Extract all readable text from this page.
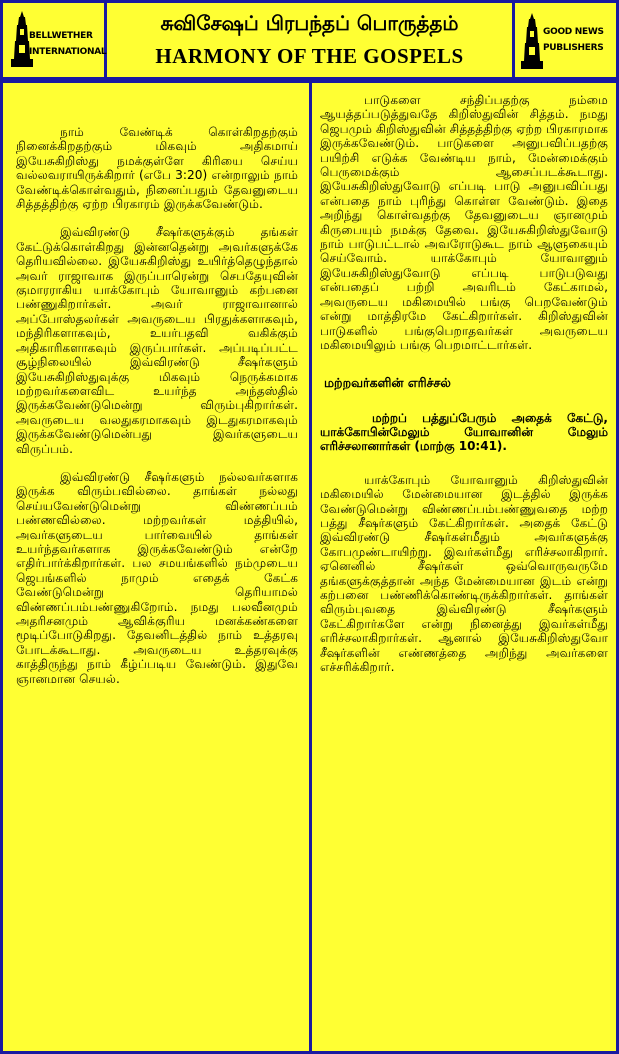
BELLWETHER
INTERNATIONAL
சுவிசேஷப் பிரபந்தப் பொருத்தம்
HARMONY OF THE GOSPELS
GOOD NEWS
PUBLISHERS

நாம் வேண்டிக் கொள்கிறதற்கும் நினைக்கிறதற்கும் மிகவும் அதிகமாய் இயேசுகிறிஸ்து நமக்குள்ளே கிரியை செய்ய வல்லவராயிருக்கிறார் (எபே 3:20) என்றாலும் நாம் வேண்டிக்கொள்வதும், நினைப்பதும் தேவனுடைய சித்தத்திற்கு ஏற்ற பிரகாரம் இருக்கவேண்டும்.

இவ்விரண்டு சீஷர்களுக்கும் தங்கள் கேட்டுக்கொள்கிறது இன்னதென்று அவர்களுக்கே தெரியவில்லை. இயேசுகிறிஸ்து உயிர்த்தெழுந்தால் அவர் ராஜாவாக இருப்பாரென்று செபதேயுவின் குமாரராகிய யாக்கோபும் யோவானும் கற்பனை பண்ணுகிறார்கள். அவர் ராஜாவானால் அப்போஸ்தலர்கள் அவருடைய பிரதுக்களாகவும், மந்திரிகளாகவும், உயர்பதவி வகிக்கும் அதிகாரிகளாகவும் இருப்பார்கள். அப்படிப்பட்ட சூழ்நிலையில் இவ்விரண்டு சீஷர்களும் இயேசுகிறிஸ்துவுக்கு மிகவும் நெருக்கமாக மற்றவர்களைவிட உயர்ந்த அந்தஸ்தில் இருக்கவேண்டுமென்று விரும்புகிறார்கள். அவருடைய வலதுகரமாகவும் இடதுகரமாகவும் இருக்கவேண்டுமென்பது இவர்களுடைய விருப்பம்.

இவ்விரண்டு சீஷர்களும் நல்லவர்களாக இருக்க விரும்பவில்லை. தாங்கள் நல்லது செய்யவேண்டுமென்று விண்ணப்பம் பண்ணவில்லை. மற்றவர்கள் மத்தியில், அவர்களுடைய பார்வையில் தாங்கள் உயர்ந்தவர்களாக இருக்கவேண்டும் என்றே எதிர்பார்க்கிறார்கள். பல சமயங்களில் நம்முடைய ஜெபங்களில் நாமும் எதைக் கேட்க வேண்டுமென்று தெரியாமல் விண்ணப்பம்பண்ணுகிறோம். நமது பலவீனமும் அதரிசனமும் ஆவிக்குரிய மனக்கண்களை மூடிப்போடுகிறது. தேவனிடத்தில் நாம் உத்தரவு போடக்கூடாது. அவருடைய உத்தரவுக்கு காத்திருந்து நாம் கீழ்ப்படிய வேண்டும். இதுவே ஞானமான செயல்.

பாடுகளை சந்திப்பதற்கு நம்மை ஆயத்தப்படுத்துவதே கிறிஸ்துவின் சித்தம். நமது ஜெபமும் கிறிஸ்துவின் சித்தத்திற்கு ஏற்ற பிரகாரமாக இருக்கவேண்டும். பாடுகளை அனுபவிப்பதற்கு பயிற்சி எடுக்க வேண்டிய நாம், மேன்மைக்கும் பெருமைக்கும் ஆசைப்படக்கூடாது. இயேசுகிறிஸ்துவோடு எப்படி பாடு அனுபவிப்பது என்பதை நாம் புரிந்து கொள்ள வேண்டும். இதை அறிந்து கொள்வதற்கு தேவனுடைய ஞானமும் கிருபையும் நமக்கு தேவை. இயேசுகிறிஸ்துவோடு நாம் பாடுபட்டால் அவரோடுகூட நாம் ஆளுகையும் செய்வோம். யாக்கோபும் யோவானும் இயேசுகிறிஸ்துவோடு எப்படி பாடுபடுவது என்பதைப் பற்றி அவரிடம் கேட்காமல், அவருடைய மகிமையில் பங்கு பெறவேண்டும் என்று மாத்திரமே கேட்கிறார்கள். கிறிஸ்துவின் பாடுகளில் பங்குபெறாதவர்கள் அவருடைய மகிமையிலும் பங்கு பெறமாட்டார்கள்.

மற்றவர்களின் எரிச்சல்

மற்றப் பத்துப்பேரும் அதைக் கேட்டு, யாக்கோபின்மேலும் யோவானின் மேலும் எரிச்சலானார்கள் (மாற்கு 10:41).

யாக்கோபும் யோவானும் கிறிஸ்துவின் மகிமையில் மேன்மையான இடத்தில் இருக்க வேண்டுமென்று விண்ணப்பம்பண்ணுவதை மற்ற பத்து சீஷர்களும் கேட்கிறார்கள். அதைக் கேட்டு இவ்விரண்டு சீஷர்கள்மீதும் அவர்களுக்கு கோபமுண்டாயிற்று. இவர்கள்மீது எரிச்சலாகிறார். ஏனெனில் சீஷர்கள் ஒவ்வொருவருமே தங்களுக்குத்தான் அந்த மேன்மையான இடம் என்று கற்பனை பண்ணிக்கொண்டிருக்கிறார்கள். தாங்கள் விரும்புவதை இவ்விரண்டு சீஷர்களும் கேட்கிறார்களே என்று நினைத்து இவர்கள்மீது எரிச்சலாகிறார்கள். ஆனால் இயேசுகிறிஸ்துவோ சீஷர்களின் எண்ணத்தை அறிந்து அவர்களை எச்சரிக்கிறார்.
